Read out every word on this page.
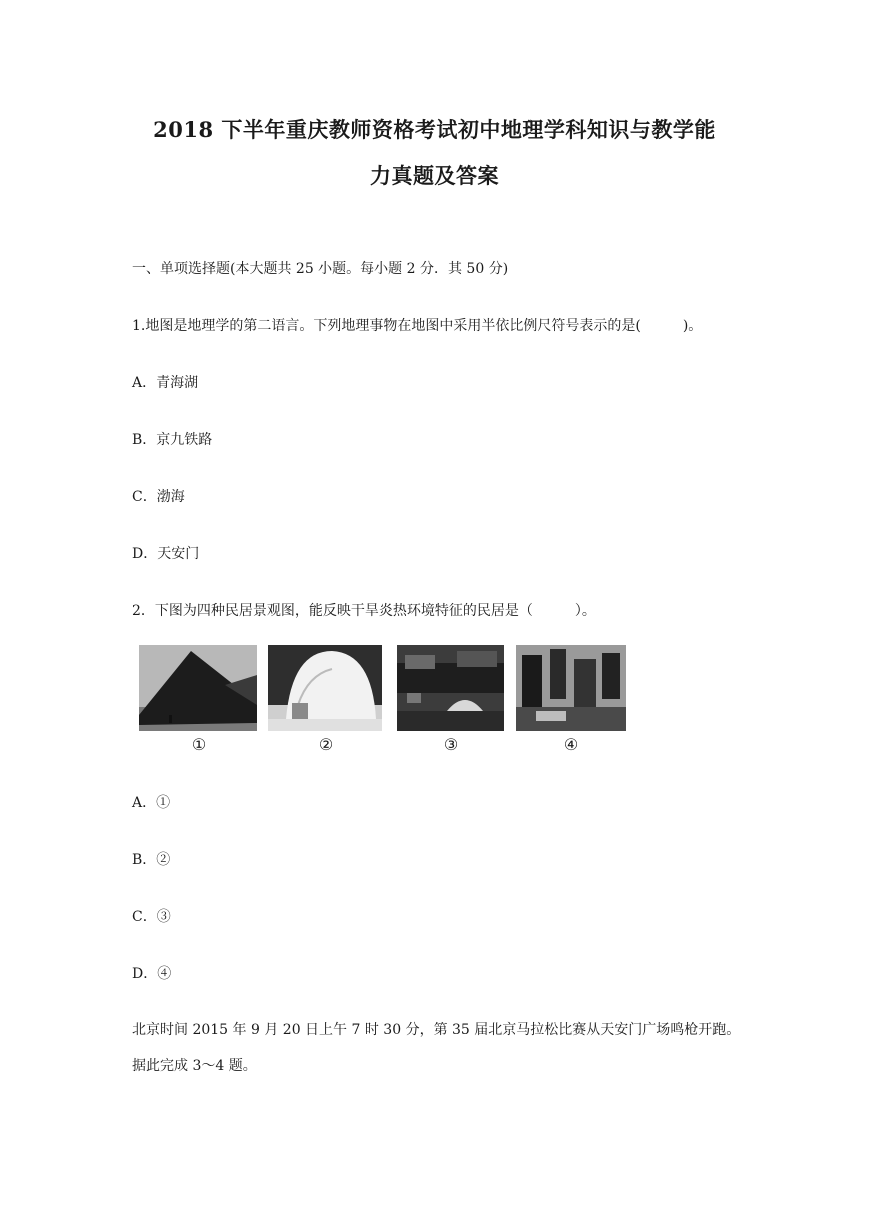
2018 下半年重庆教师资格考试初中地理学科知识与教学能
力真题及答案
一、单项选择题(本大题共 25 小题。每小题 2 分．其 50 分)
1.地图是地理学的第二语言。下列地理事物在地图中采用半依比例尺符号表示的是(　　　)。
A．青海湖
B．京九铁路
C．渤海
D．天安门
2．下图为四种民居景观图，能反映干旱炎热环境特征的民居是（　　　）。
①	②	③	④
A．①
B．②
C．③
D．④
北京时间 2015 年 9 月 20 日上午 7 时 30 分，第 35 届北京马拉松比赛从天安门广场鸣枪开跑。
据此完成 3～4 题。
